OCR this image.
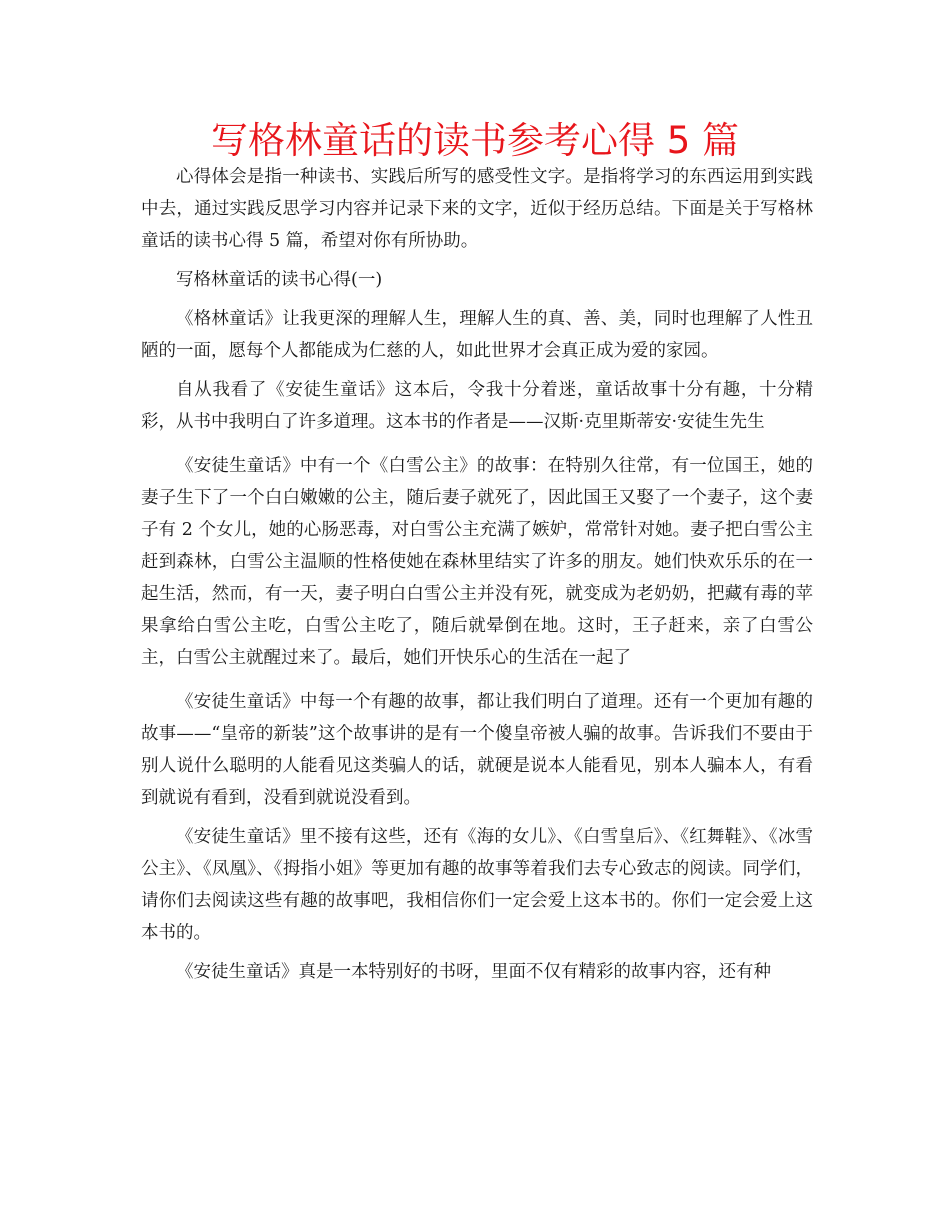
写格林童话的读书参考心得 5 篇

心得体会是指一种读书、实践后所写的感受性文字。是指将学习的东西运用到实践中去，通过实践反思学习内容并记录下来的文字，近似于经历总结。下面是关于写格林童话的读书心得 5 篇，希望对你有所协助。

写格林童话的读书心得(一)

《格林童话》让我更深的理解人生，理解人生的真、善、美，同时也理解了人性丑陋的一面，愿每个人都能成为仁慈的人，如此世界才会真正成为爱的家园。

自从我看了《安徒生童话》这本后，令我十分着迷，童话故事十分有趣，十分精彩，从书中我明白了许多道理。这本书的作者是——汉斯·克里斯蒂安·安徒生先生

《安徒生童话》中有一个《白雪公主》的故事：在特别久往常，有一位国王，她的妻子生下了一个白白嫩嫩的公主，随后妻子就死了，因此国王又娶了一个妻子，这个妻子有 2 个女儿，她的心肠恶毒，对白雪公主充满了嫉妒，常常针对她。妻子把白雪公主赶到森林，白雪公主温顺的性格使她在森林里结实了许多的朋友。她们快欢乐乐的在一起生活，然而，有一天，妻子明白白雪公主并没有死，就变成为老奶奶，把藏有毒的苹果拿给白雪公主吃，白雪公主吃了，随后就晕倒在地。这时，王子赶来，亲了白雪公主，白雪公主就醒过来了。最后，她们开快乐心的生活在一起了

《安徒生童话》中每一个有趣的故事，都让我们明白了道理。还有一个更加有趣的故事——“皇帝的新装”这个故事讲的是有一个傻皇帝被人骗的故事。告诉我们不要由于别人说什么聪明的人能看见这类骗人的话，就硬是说本人能看见，别本人骗本人，有看到就说有看到，没看到就说没看到。

《安徒生童话》里不接有这些，还有《海的女儿》、《白雪皇后》、《红舞鞋》、《冰雪公主》、《凤凰》、《拇指小姐》等更加有趣的故事等着我们去专心致志的阅读。同学们，请你们去阅读这些有趣的故事吧，我相信你们一定会爱上这本书的。你们一定会爱上这本书的。

《安徒生童话》真是一本特别好的书呀，里面不仅有精彩的故事内容，还有种
